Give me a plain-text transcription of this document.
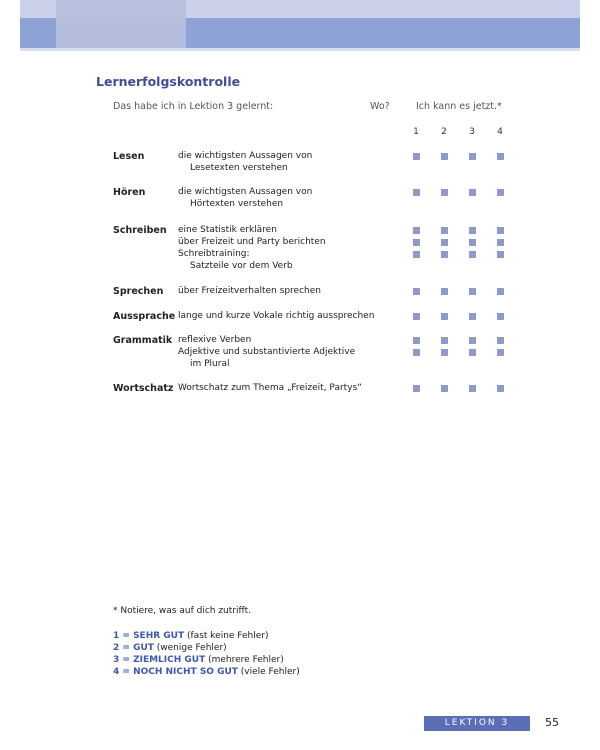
Lernerfolgskontrolle
Das habe ich in Lektion 3 gelernt:	Wo?	Ich kann es jetzt.*
1	2	3	4
Lesen	die wichtigsten Aussagen von
Lesetexten verstehen
Hören	die wichtigsten Aussagen von
Hörtexten verstehen
Schreiben eine Statistik erklären
über Freizeit und Party berichten
Schreibtraining:
Satzteile vor dem Verb
Sprechen über Freizeitverhalten sprechen
Aussprache lange und kurze Vokale richtig aussprechen
Grammatik reflexive Verben
Adjektive und substantivierte Adjektive
im Plural
Wortschatz Wortschatz zum Thema „Freizeit, Partys“
* Notiere, was auf dich zutrifft.
1 = SEHR GUT (fast keine Fehler)
2 = GUT (wenige Fehler)
3 = ZIEMLICH GUT (mehrere Fehler)
4 = NOCH NICHT SO GUT (viele Fehler)
LEKTION 3	55
